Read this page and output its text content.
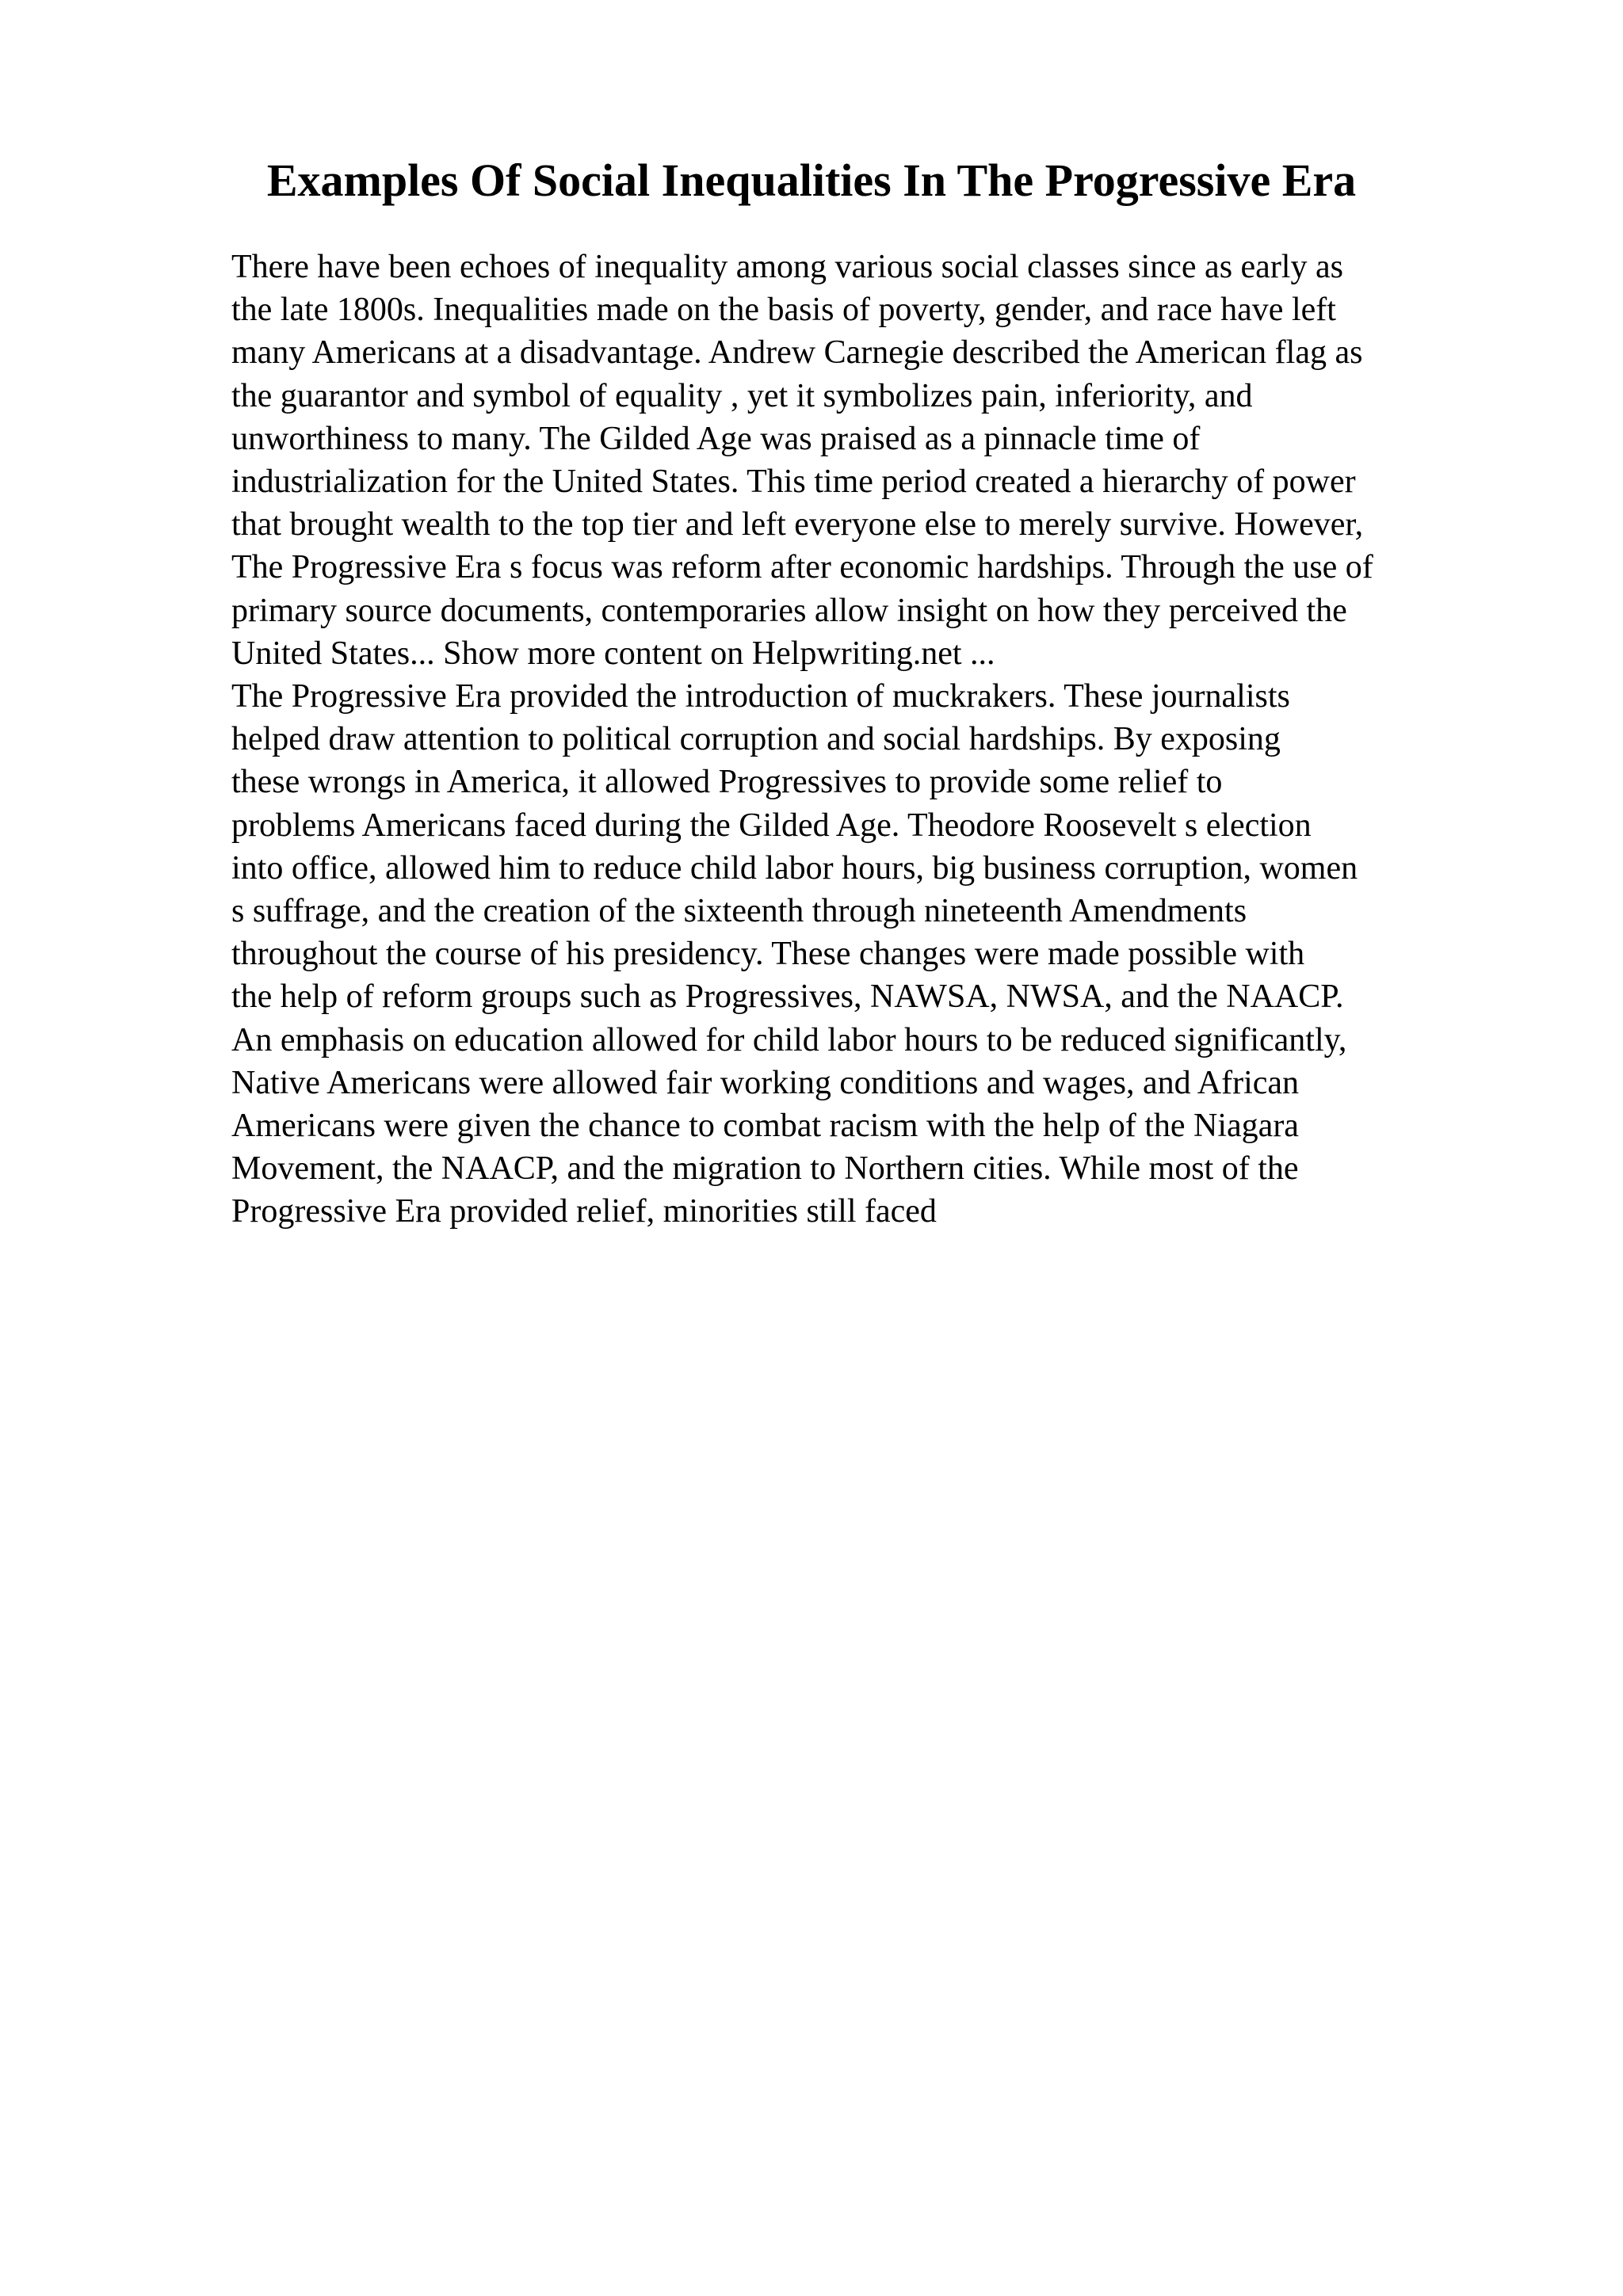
Examples Of Social Inequalities In The Progressive Era
There have been echoes of inequality among various social classes since as early as
the late 1800s. Inequalities made on the basis of poverty, gender, and race have left
many Americans at a disadvantage. Andrew Carnegie described the American flag as
the guarantor and symbol of equality , yet it symbolizes pain, inferiority, and
unworthiness to many. The Gilded Age was praised as a pinnacle time of
industrialization for the United States. This time period created a hierarchy of power
that brought wealth to the top tier and left everyone else to merely survive. However,
The Progressive Era s focus was reform after economic hardships. Through the use of
primary source documents, contemporaries allow insight on how they perceived the
United States... Show more content on Helpwriting.net ...
The Progressive Era provided the introduction of muckrakers. These journalists
helped draw attention to political corruption and social hardships. By exposing
these wrongs in America, it allowed Progressives to provide some relief to
problems Americans faced during the Gilded Age. Theodore Roosevelt s election
into office, allowed him to reduce child labor hours, big business corruption, women
s suffrage, and the creation of the sixteenth through nineteenth Amendments
throughout the course of his presidency. These changes were made possible with
the help of reform groups such as Progressives, NAWSA, NWSA, and the NAACP.
An emphasis on education allowed for child labor hours to be reduced significantly,
Native Americans were allowed fair working conditions and wages, and African
Americans were given the chance to combat racism with the help of the Niagara
Movement, the NAACP, and the migration to Northern cities. While most of the
Progressive Era provided relief, minorities still faced
